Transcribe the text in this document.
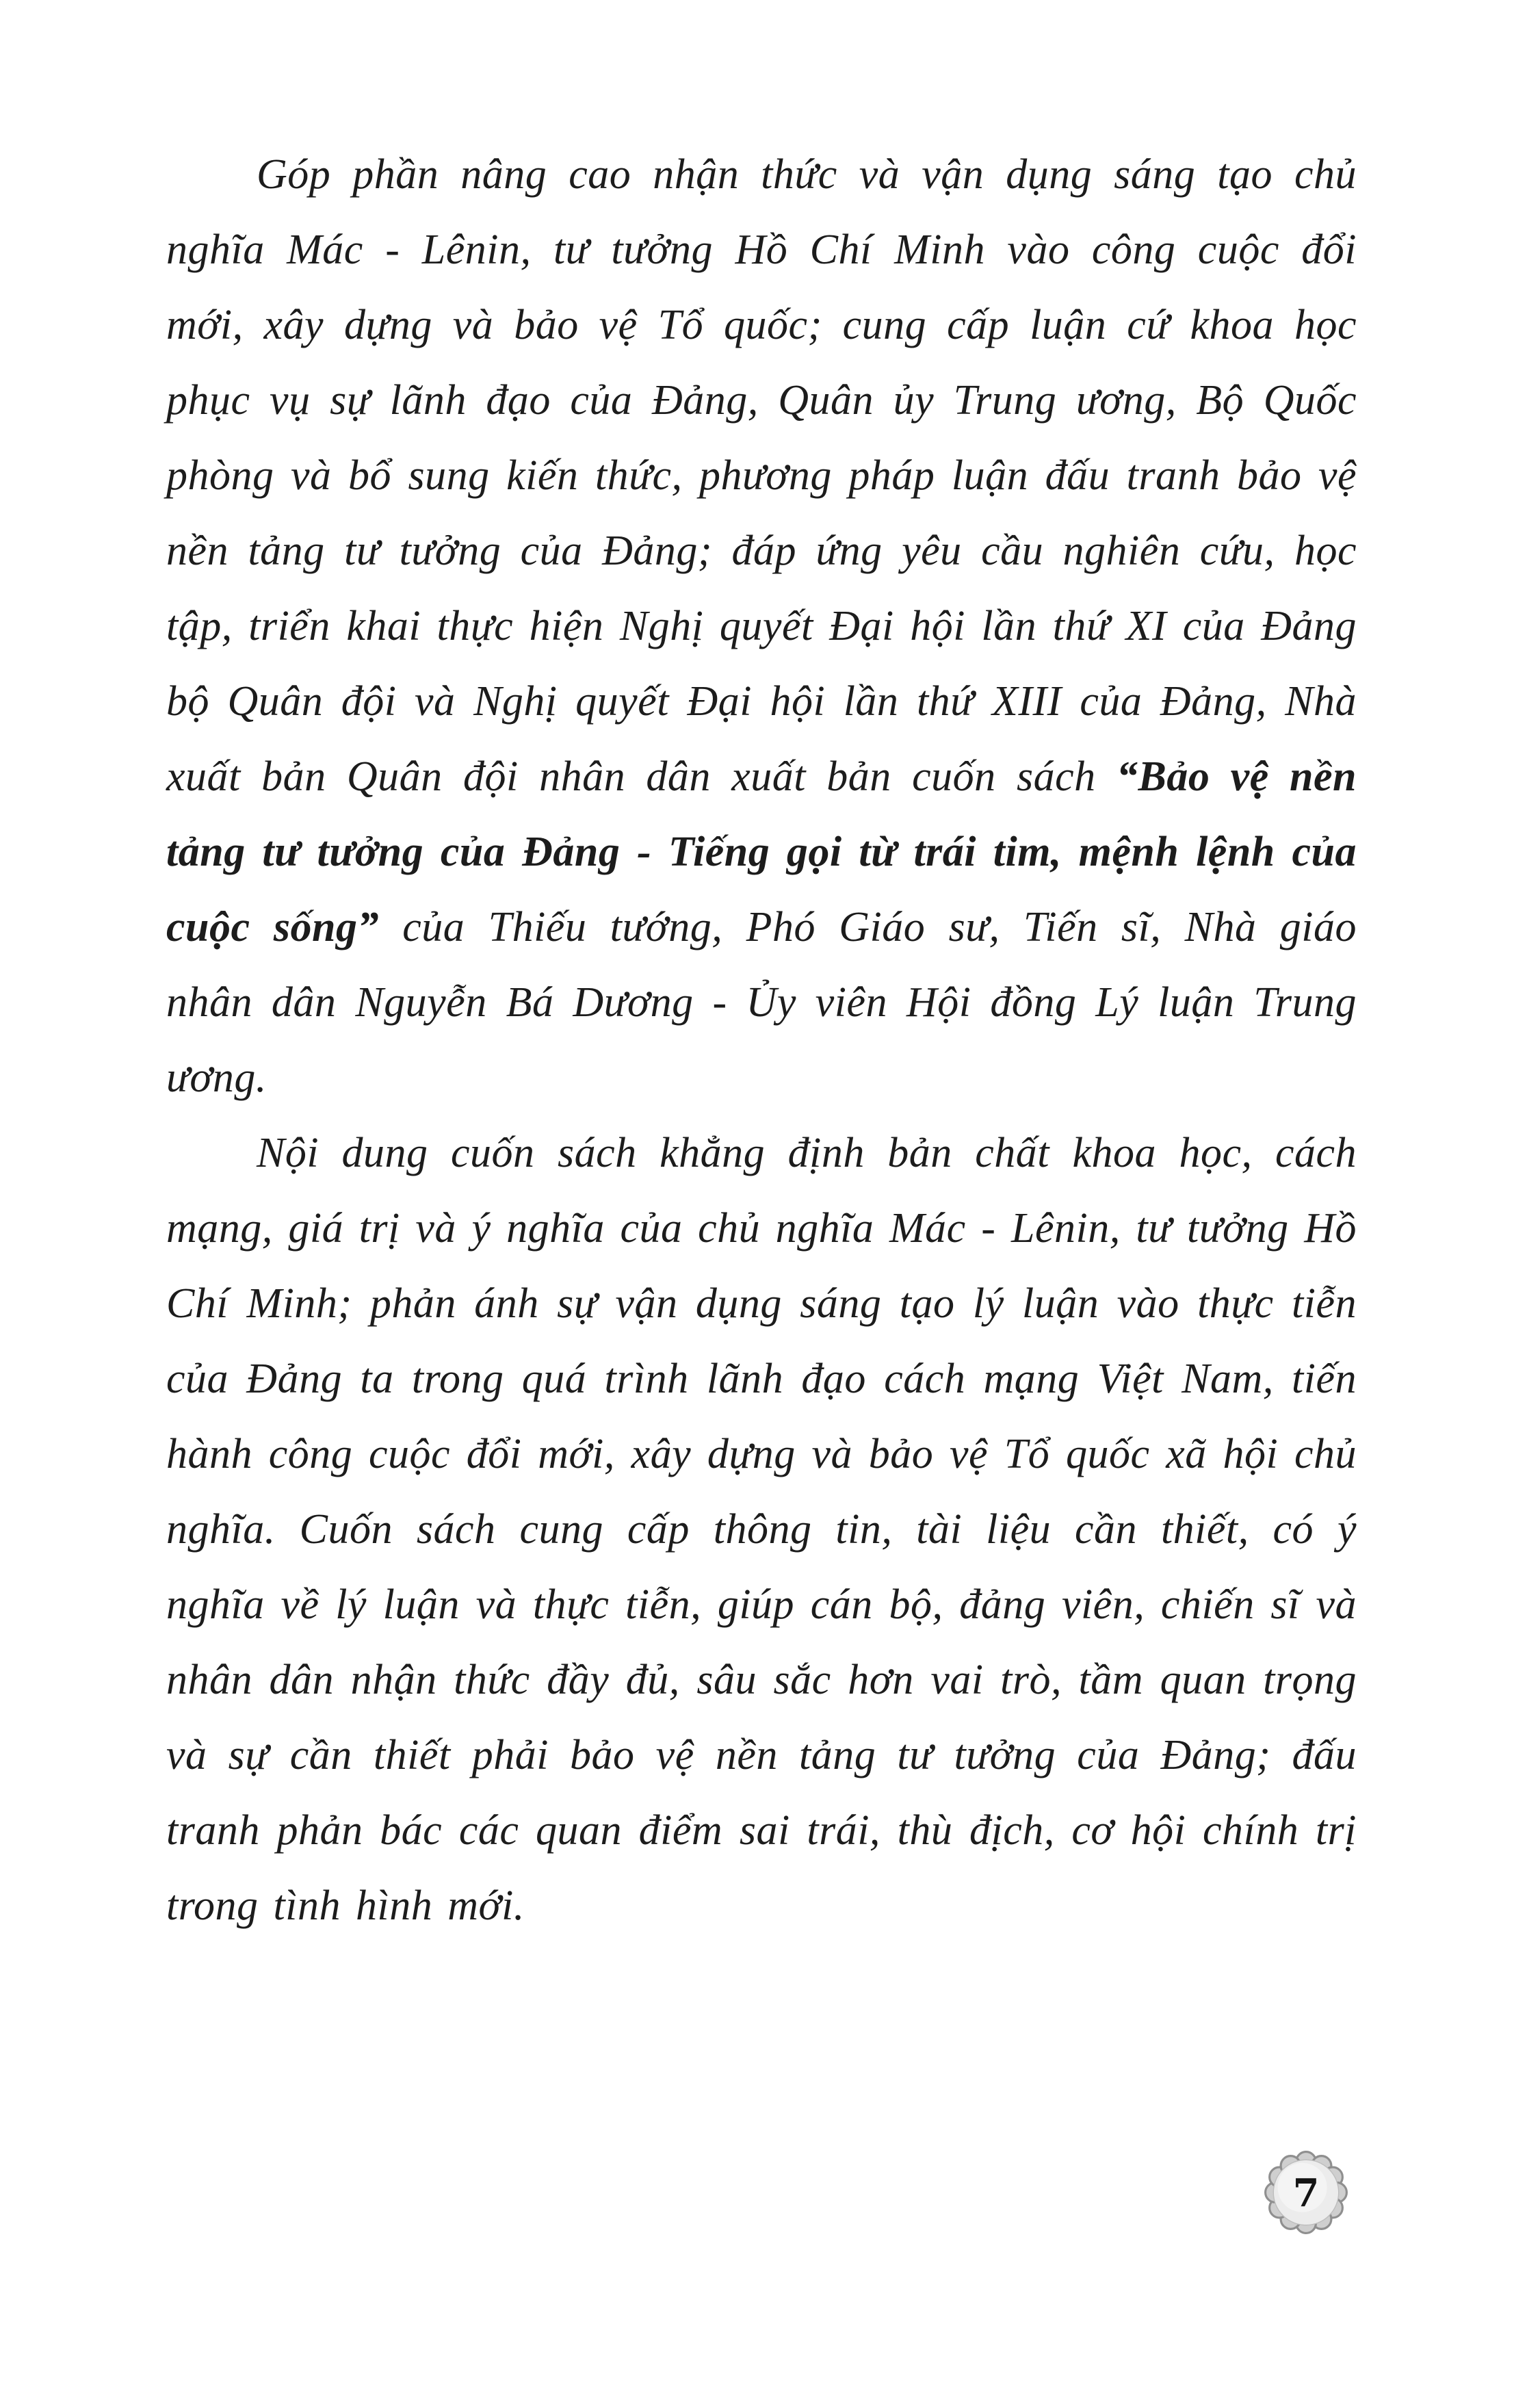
Góp phần nâng cao nhận thức và vận dụng sáng tạo chủ nghĩa Mác - Lênin, tư tưởng Hồ Chí Minh vào công cuộc đổi mới, xây dựng và bảo vệ Tổ quốc; cung cấp luận cứ khoa học phục vụ sự lãnh đạo của Đảng, Quân ủy Trung ương, Bộ Quốc phòng và bổ sung kiến thức, phương pháp luận đấu tranh bảo vệ nền tảng tư tưởng của Đảng; đáp ứng yêu cầu nghiên cứu, học tập, triển khai thực hiện Nghị quyết Đại hội lần thứ XI của Đảng bộ Quân đội và Nghị quyết Đại hội lần thứ XIII của Đảng, Nhà xuất bản Quân đội nhân dân xuất bản cuốn sách “Bảo vệ nền tảng tư tưởng của Đảng - Tiếng gọi từ trái tim, mệnh lệnh của cuộc sống” của Thiếu tướng, Phó Giáo sư, Tiến sĩ, Nhà giáo nhân dân Nguyễn Bá Dương - Ủy viên Hội đồng Lý luận Trung ương.

Nội dung cuốn sách khẳng định bản chất khoa học, cách mạng, giá trị và ý nghĩa của chủ nghĩa Mác - Lênin, tư tưởng Hồ Chí Minh; phản ánh sự vận dụng sáng tạo lý luận vào thực tiễn của Đảng ta trong quá trình lãnh đạo cách mạng Việt Nam, tiến hành công cuộc đổi mới, xây dựng và bảo vệ Tổ quốc xã hội chủ nghĩa. Cuốn sách cung cấp thông tin, tài liệu cần thiết, có ý nghĩa về lý luận và thực tiễn, giúp cán bộ, đảng viên, chiến sĩ và nhân dân nhận thức đầy đủ, sâu sắc hơn vai trò, tầm quan trọng và sự cần thiết phải bảo vệ nền tảng tư tưởng của Đảng; đấu tranh phản bác các quan điểm sai trái, thù địch, cơ hội chính trị trong tình hình mới.

7
